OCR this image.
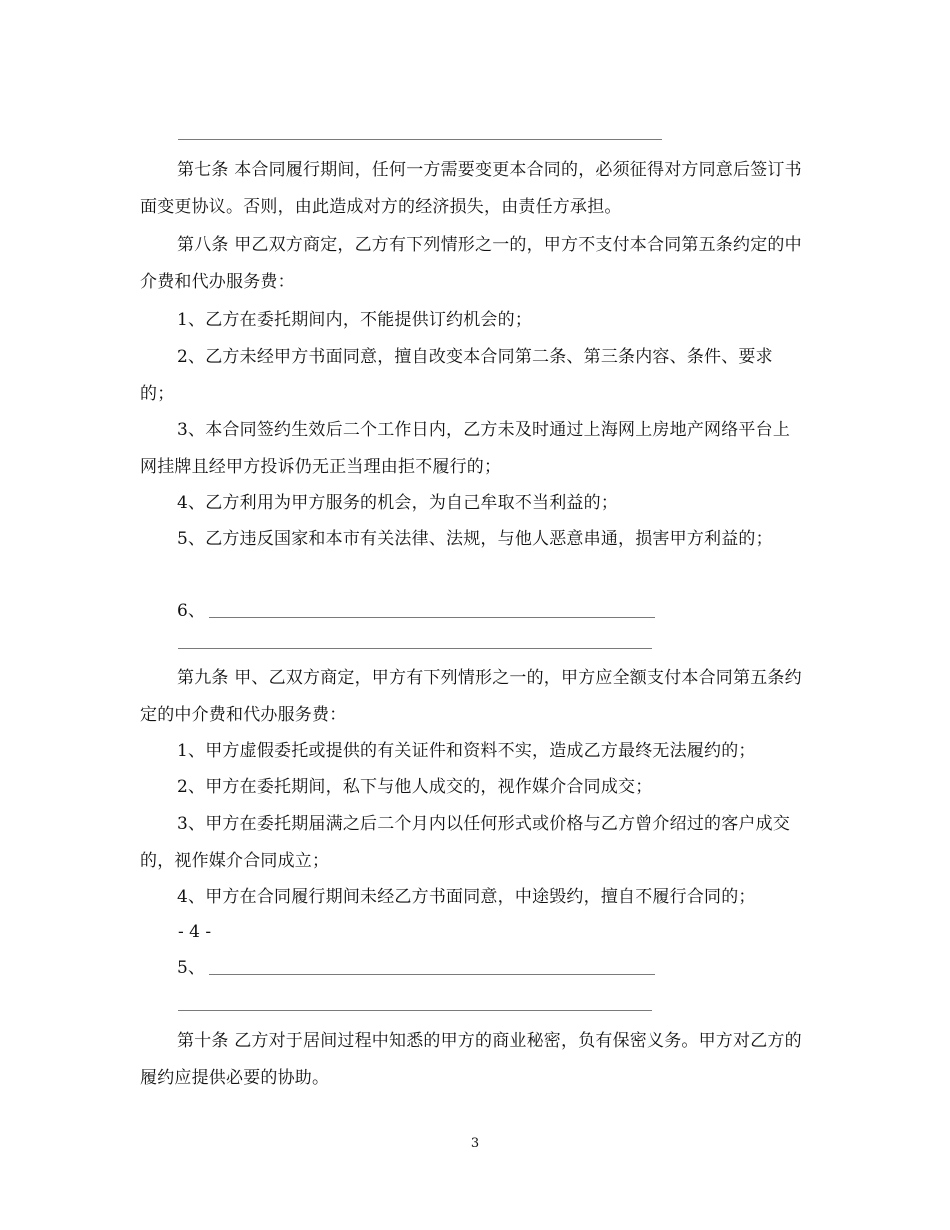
第七条 本合同履行期间，任何一方需要变更本合同的，必须征得对方同意后签订书面变更协议。否则，由此造成对方的经济损失，由责任方承担。
第八条 甲乙双方商定，乙方有下列情形之一的，甲方不支付本合同第五条约定的中介费和代办服务费：
1、乙方在委托期间内，不能提供订约机会的；
2、乙方未经甲方书面同意，擅自改变本合同第二条、第三条内容、条件、要求的；
3、本合同签约生效后二个工作日内，乙方未及时通过上海网上房地产网络平台上网挂牌且经甲方投诉仍无正当理由拒不履行的；
4、乙方利用为甲方服务的机会，为自己牟取不当利益的；
5、乙方违反国家和本市有关法律、法规，与他人恶意串通，损害甲方利益的；
6、
第九条 甲、乙双方商定，甲方有下列情形之一的，甲方应全额支付本合同第五条约定的中介费和代办服务费：
1、甲方虚假委托或提供的有关证件和资料不实，造成乙方最终无法履约的；
2、甲方在委托期间，私下与他人成交的，视作媒介合同成交；
3、甲方在委托期届满之后二个月内以任何形式或价格与乙方曾介绍过的客户成交的，视作媒介合同成立；
4、甲方在合同履行期间未经乙方书面同意，中途毁约，擅自不履行合同的；
- 4 -
5、
第十条 乙方对于居间过程中知悉的甲方的商业秘密，负有保密义务。甲方对乙方的履约应提供必要的协助。
3
